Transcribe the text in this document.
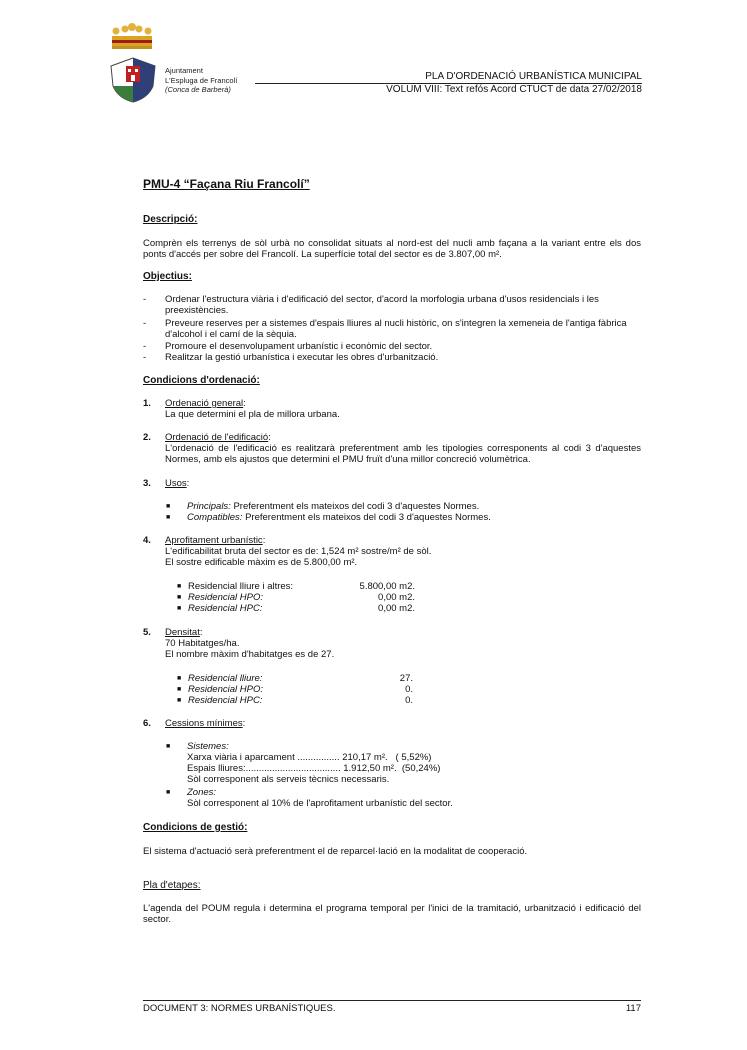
Ajuntament
L'Espluga de Francolí
(Conca de Barberà)
PLA D'ORDENACIÓ URBANÍSTICA MUNICIPAL
VOLUM VIII: Text refós Acord CTUCT de data 27/02/2018
PMU-4 “Façana Riu Francolí”
Descripció:
Comprèn els terrenys de sòl urbà no consolidat situats al nord-est del nucli amb façana a la variant entre els dos ponts d'accés per sobre del Francolí. La superfície total del sector es de 3.807,00 m².
Objectius:
- Ordenar l'estructura viària i d'edificació del sector, d'acord la morfologia urbana d'usos residencials i les preexistències.
- Preveure reserves per a sistemes d'espais lliures al nucli històric, on s'integren la xemeneia de l'antiga fàbrica d'alcohol i el camí de la sèquia.
- Promoure el desenvolupament urbanístic i econòmic del sector.
- Realitzar la gestió urbanística i executar les obres d'urbanització.
Condicions d'ordenació:
1. Ordenació general:
La que determini el pla de millora urbana.
2. Ordenació de l'edificació:
L'ordenació de l'edificació es realitzarà preferentment amb les tipologies corresponents al codi 3 d'aquestes Normes, amb els ajustos que determini el PMU fruït d'una millor concreció volumètrica.
3. Usos:
■ Principals: Preferentment els mateixos del codi 3 d'aquestes Normes.
■ Compatibles: Preferentment els mateixos del codi 3 d'aquestes Normes.
4. Aprofitament urbanístic:
L'edificabilitat bruta del sector es de: 1,524 m² sostre/m² de sòl.
El sostre edificable màxim es de 5.800,00 m².
■ Residencial lliure i altres:	5.800,00 m2.
■ Residencial HPO:	0,00 m2.
■ Residencial HPC:	0,00 m2.
5. Densitat:
70 Habitatges/ha.
El nombre màxim d'habitatges es de 27.
■ Residencial lliure:	27.
■ Residencial HPO:	0.
■ Residencial HPC:	0.
6. Cessions mínimes:
■ Sistemes:
Xarxa viària i aparcament ................ 210,17 m².   ( 5,52%)
Espais lliures:.................................... 1.912,50 m².  (50,24%)
Sòl corresponent als serveis tècnics necessaris.
■ Zones:
Sòl corresponent al 10% de l'aprofitament urbanístic del sector.
Condicions de gestió:
El sistema d'actuació serà preferentment el de reparcel·lació en la modalitat de cooperació.
Pla d'etapes:
L'agenda del POUM regula i determina el programa temporal per l'inici de la tramitació, urbanització i edificació del sector.
DOCUMENT 3: NORMES URBANÍSTIQUES.	117
